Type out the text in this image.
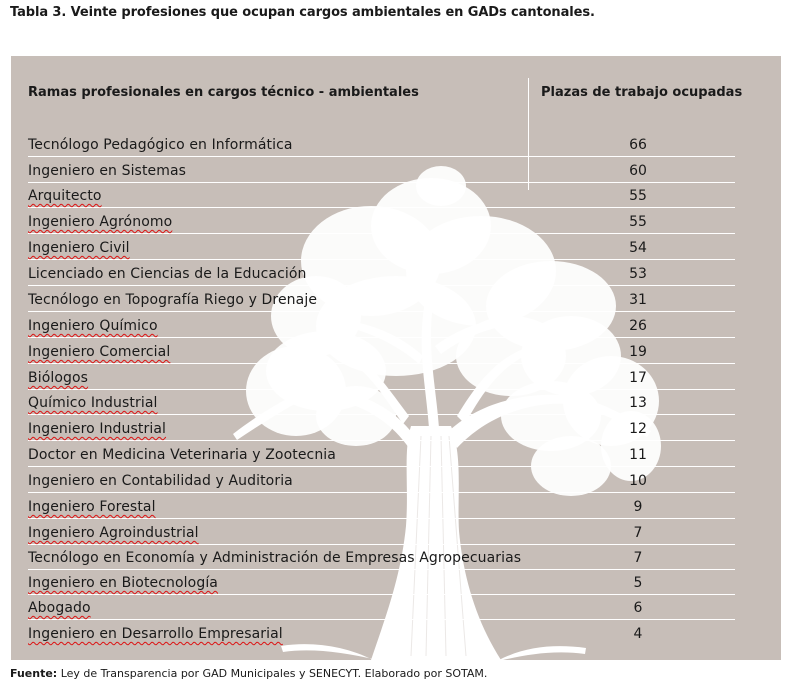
Tabla 3. Veinte profesiones que ocupan cargos ambientales en GADs cantonales.
Ramas profesionales en cargos técnico - ambientales	Plazas de trabajo ocupadas
Tecnólogo Pedagógico en Informática	66
Ingeniero en Sistemas	60
Arquitecto	55
Ingeniero Agrónomo	55
Ingeniero Civil	54
Licenciado en Ciencias de la Educación	53
Tecnólogo en Topografía Riego y Drenaje	31
Ingeniero Químico	26
Ingeniero Comercial	19
Biólogos	17
Químico Industrial	13
Ingeniero Industrial	12
Doctor en Medicina Veterinaria y Zootecnia	11
Ingeniero en Contabilidad y Auditoria	10
Ingeniero Forestal	9
Ingeniero Agroindustrial	7
Tecnólogo en Economía y Administración de Empresas Agropecuarias	7
Ingeniero en Biotecnología	5
Abogado	6
Ingeniero en Desarrollo Empresarial	4
Fuente: Ley de Transparencia por GAD Municipales y SENECYT. Elaborado por SOTAM.
